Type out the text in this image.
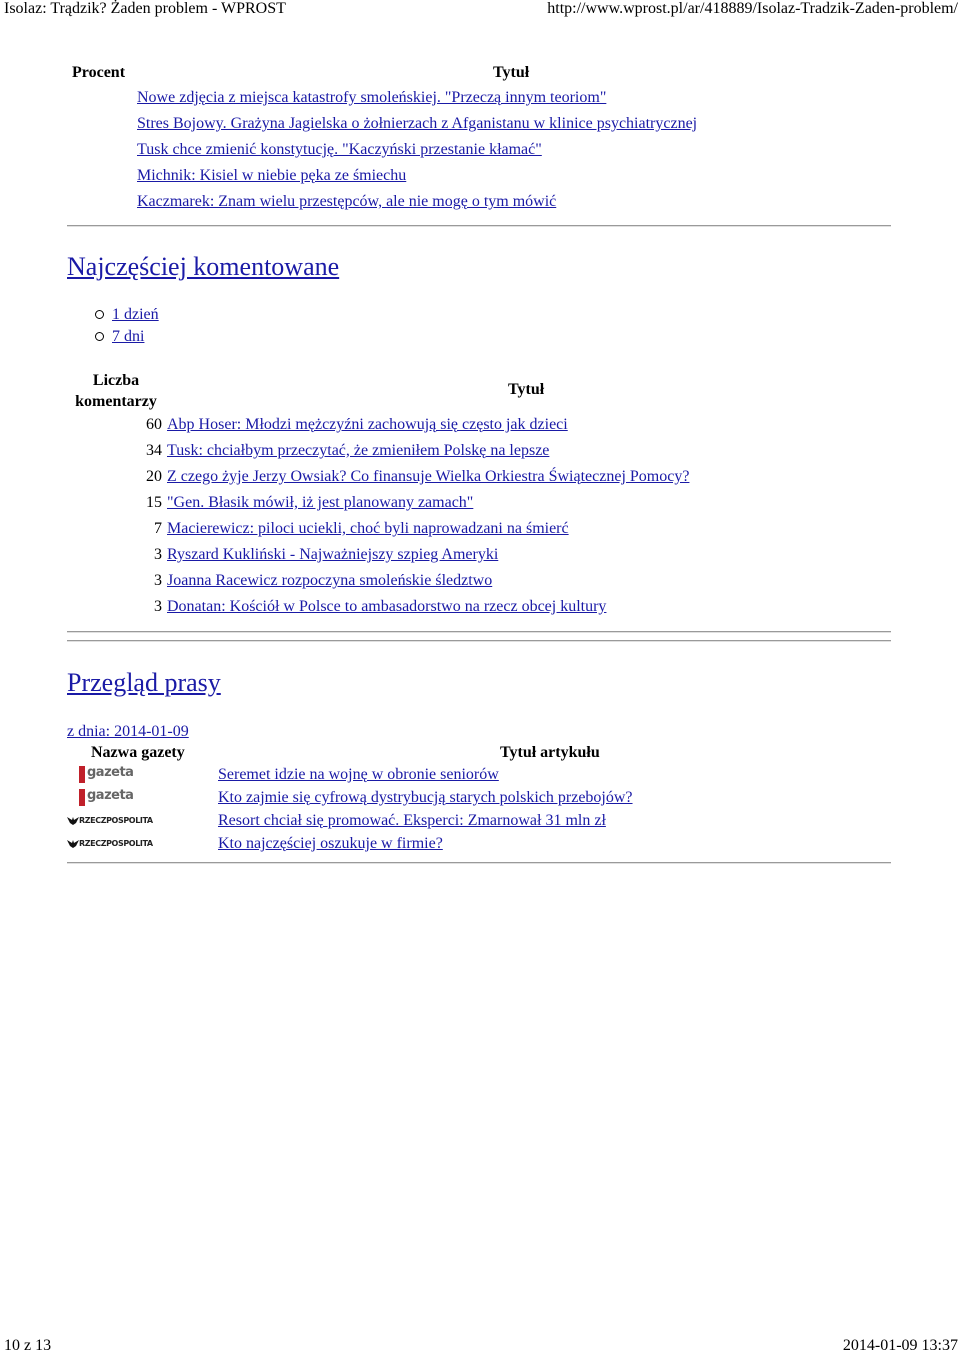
Isolaz: Trądzik? Żaden problem - WPROST	http://www.wprost.pl/ar/418889/Isolaz-Tradzik-Zaden-problem/
Procent	Tytuł
Nowe zdjęcia z miejsca katastrofy smoleńskiej. "Przeczą innym teoriom"
Stres Bojowy. Grażyna Jagielska o żołnierzach z Afganistanu w klinice psychiatrycznej
Tusk chce zmienić konstytucję. "Kaczyński przestanie kłamać"
Michnik: Kisiel w niebie pęka ze śmiechu
Kaczmarek: Znam wielu przestępców, ale nie mogę o tym mówić
Najczęściej komentowane
1 dzień
7 dni
Liczba
komentarzy
Tytuł
60 Abp Hoser: Młodzi mężczyźni zachowują się często jak dzieci
34 Tusk: chciałbym przeczytać, że zmieniłem Polskę na lepsze
20 Z czego żyje Jerzy Owsiak? Co finansuje Wielka Orkiestra Świątecznej Pomocy?
15 "Gen. Błasik mówił, iż jest planowany zamach"
7 Macierewicz: piloci uciekli, choć byli naprowadzani na śmierć
3 Ryszard Kukliński - Najważniejszy szpieg Ameryki
3 Joanna Racewicz rozpoczyna smoleńskie śledztwo
3 Donatan: Kościół w Polsce to ambasadorstwo na rzecz obcej kultury
Przegląd prasy
z dnia: 2014-01-09
Nazwa gazety	Tytuł artykułu
gazeta	Seremet idzie na wojnę w obronie seniorów
gazeta	Kto zajmie się cyfrową dystrybucją starych polskich przebojów?
RZECZPOSPOLITA	Resort chciał się promować. Eksperci: Zmarnował 31 mln zł
RZECZPOSPOLITA	Kto najczęściej oszukuje w firmie?
10 z 13	2014-01-09 13:37
